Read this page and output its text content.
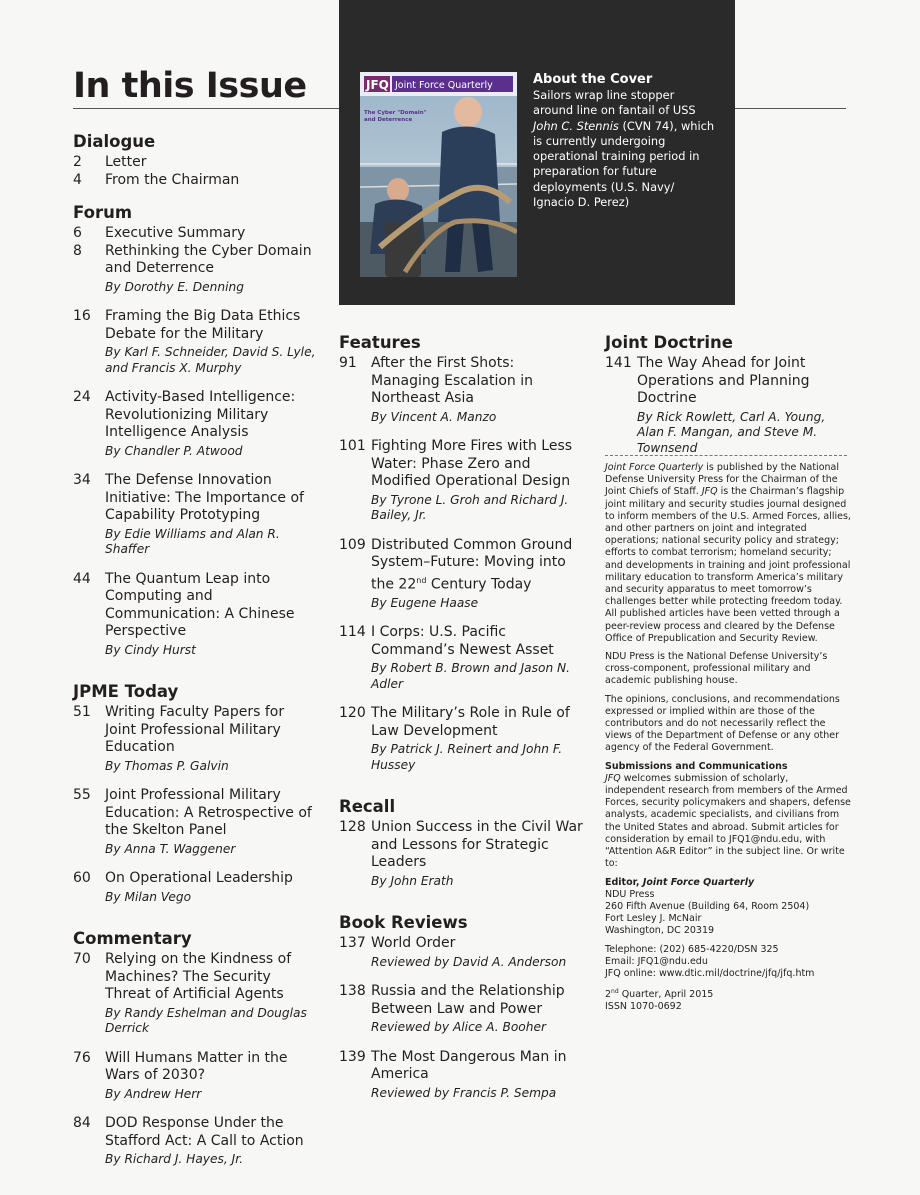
In this Issue	JFQ Joint Force Quarterly
The Cyber "Domain"
and Deterrence
About the Cover
Sailors wrap line stopper around line on fantail of USS John C. Stennis (CVN 74), which is currently undergoing operational training period in preparation for future deployments (U.S. Navy/ Ignacio D. Perez)
Dialogue
2	Letter
4	From the Chairman
Forum
6	Executive Summary
8	Rethinking the Cyber Domain and Deterrence
By Dorothy E. Denning
16	Framing the Big Data Ethics Debate for the Military
By Karl F. Schneider, David S. Lyle, and Francis X. Murphy
24	Activity-Based Intelligence: Revolutionizing Military Intelligence Analysis
By Chandler P. Atwood
34	The Defense Innovation Initiative: The Importance of Capability Prototyping
By Edie Williams and Alan R. Shaffer
44	The Quantum Leap into Computing and Communication: A Chinese Perspective
By Cindy Hurst
JPME Today
51	Writing Faculty Papers for Joint Professional Military Education
By Thomas P. Galvin
55	Joint Professional Military Education: A Retrospective of the Skelton Panel
By Anna T. Waggener
60	On Operational Leadership
By Milan Vego
Commentary
70	Relying on the Kindness of Machines? The Security Threat of Artificial Agents
By Randy Eshelman and Douglas Derrick
76	Will Humans Matter in the Wars of 2030?
By Andrew Herr
84	DOD Response Under the Stafford Act: A Call to Action
By Richard J. Hayes, Jr.
Features
91	After the First Shots: Managing Escalation in Northeast Asia
By Vincent A. Manzo
101 Fighting More Fires with Less Water: Phase Zero and Modified Operational Design
By Tyrone L. Groh and Richard J. Bailey, Jr.
109 Distributed Common Ground System–Future: Moving into the 22nd Century Today
By Eugene Haase
114 I Corps: U.S. Pacific Command’s Newest Asset
By Robert B. Brown and Jason N. Adler
120 The Military’s Role in Rule of Law Development
By Patrick J. Reinert and John F. Hussey
Recall
128 Union Success in the Civil War and Lessons for Strategic Leaders
By John Erath
Book Reviews
137 World Order
Reviewed by David A. Anderson
138 Russia and the Relationship Between Law and Power
Reviewed by Alice A. Booher
139 The Most Dangerous Man in America
Reviewed by Francis P. Sempa
Joint Doctrine
141 The Way Ahead for Joint Operations and Planning Doctrine
By Rick Rowlett, Carl A. Young, Alan F. Mangan, and Steve M. Townsend

Joint Force Quarterly is published by the National Defense University Press for the Chairman of the Joint Chiefs of Staff. JFQ is the Chairman’s flagship joint military and security studies journal designed to inform members of the U.S. Armed Forces, allies, and other partners on joint and integrated operations; national security policy and strategy; efforts to combat terrorism; homeland security; and developments in training and joint professional military education to transform America’s military and security apparatus to meet tomorrow’s challenges better while protecting freedom today. All published articles have been vetted through a peer-review process and cleared by the Defense Office of Prepublication and Security Review.

NDU Press is the National Defense University’s cross-component, professional military and academic publishing house.

The opinions, conclusions, and recommendations expressed or implied within are those of the contributors and do not necessarily reflect the views of the Department of Defense or any other agency of the Federal Government.

Submissions and Communications

JFQ welcomes submission of scholarly, independent research from members of the Armed Forces, security policymakers and shapers, defense analysts, academic specialists, and civilians from the United States and abroad. Submit articles for consideration by email to JFQ1@ndu.edu, with “Attention A&R Editor” in the subject line. Or write to:

Editor, Joint Force Quarterly
NDU Press
260 Fifth Avenue (Building 64, Room 2504)
Fort Lesley J. McNair
Washington, DC 20319

Telephone: (202) 685-4220/DSN 325
Email: JFQ1@ndu.edu
JFQ online: www.dtic.mil/doctrine/jfq/jfq.htm

2nd Quarter, April 2015
ISSN 1070-0692
